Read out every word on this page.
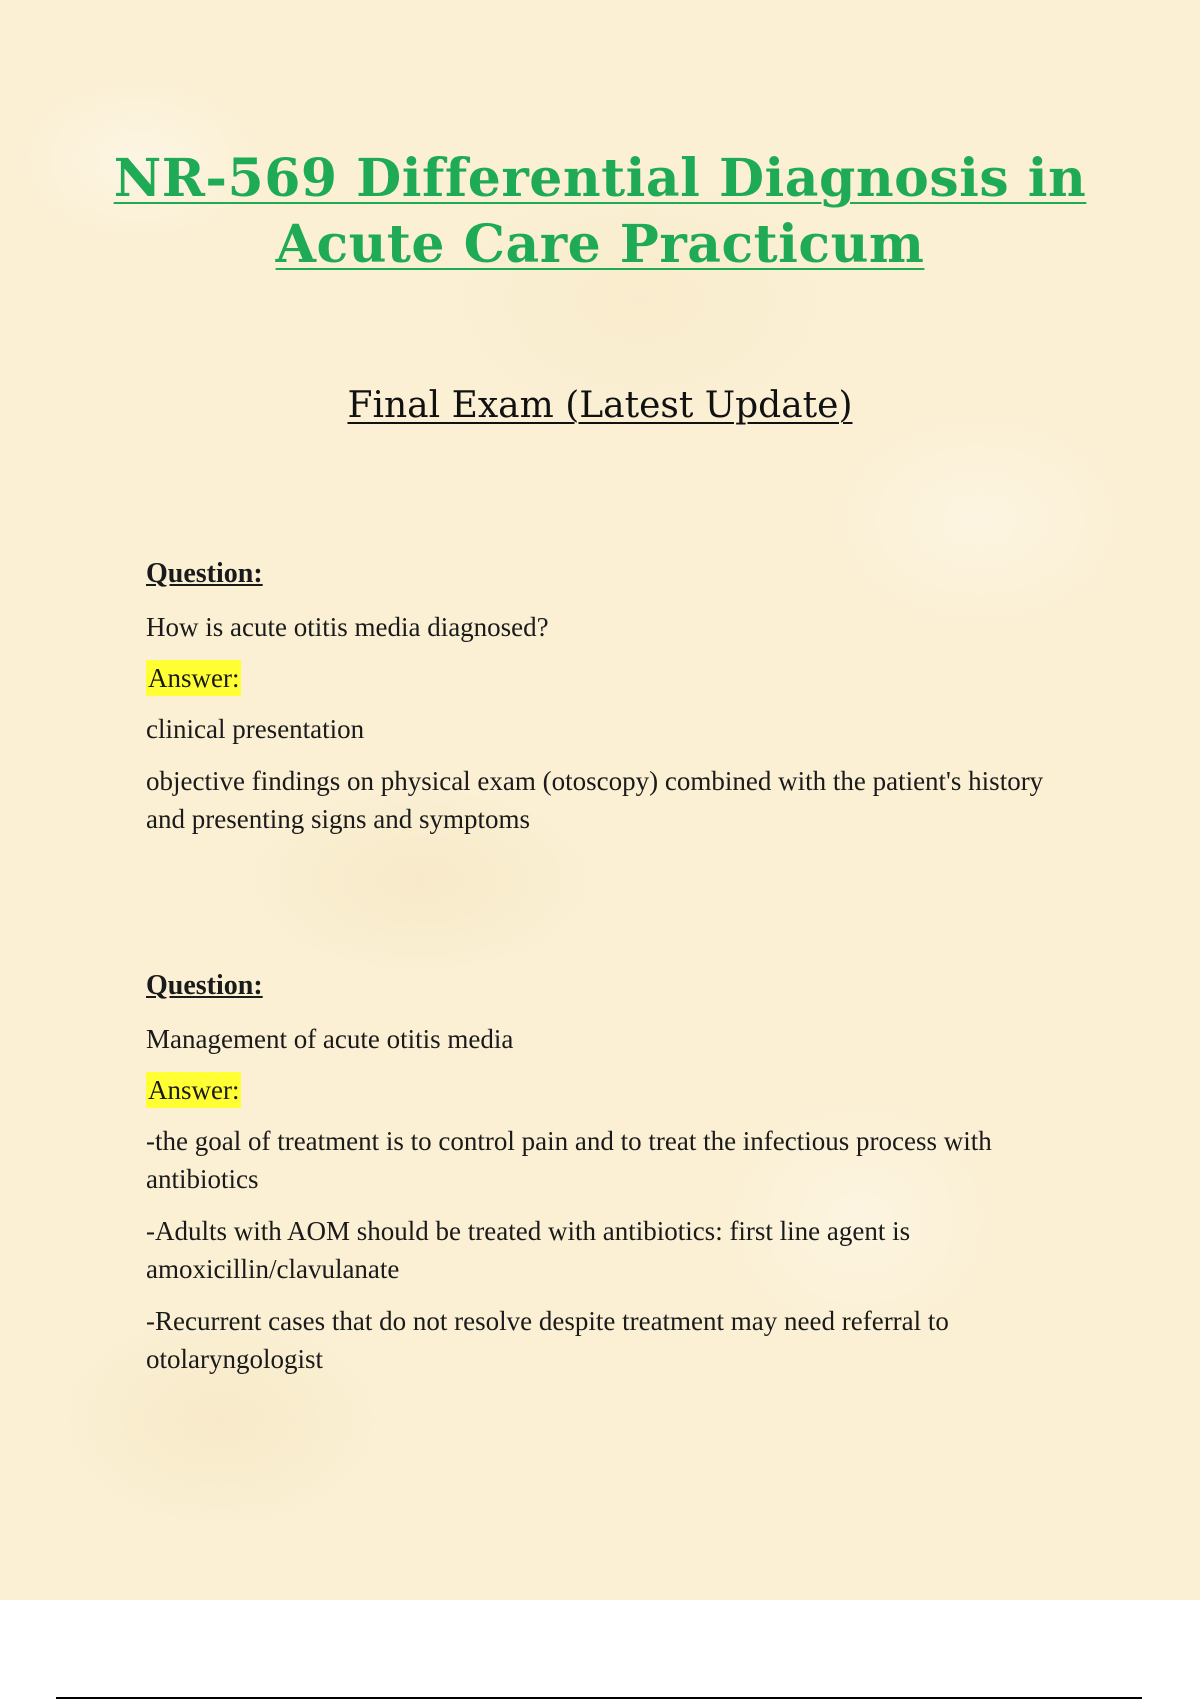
NR-569 Differential Diagnosis in
Acute Care Practicum
Final Exam (Latest Update)
Question:
How is acute otitis media diagnosed?
Answer:
clinical presentation
objective findings on physical exam (otoscopy) combined with the patient's history and presenting signs and symptoms
Question:
Management of acute otitis media
Answer:
-the goal of treatment is to control pain and to treat the infectious process with antibiotics
-Adults with AOM should be treated with antibiotics: first line agent is amoxicillin/clavulanate
-Recurrent cases that do not resolve despite treatment may need referral to otolaryngologist
